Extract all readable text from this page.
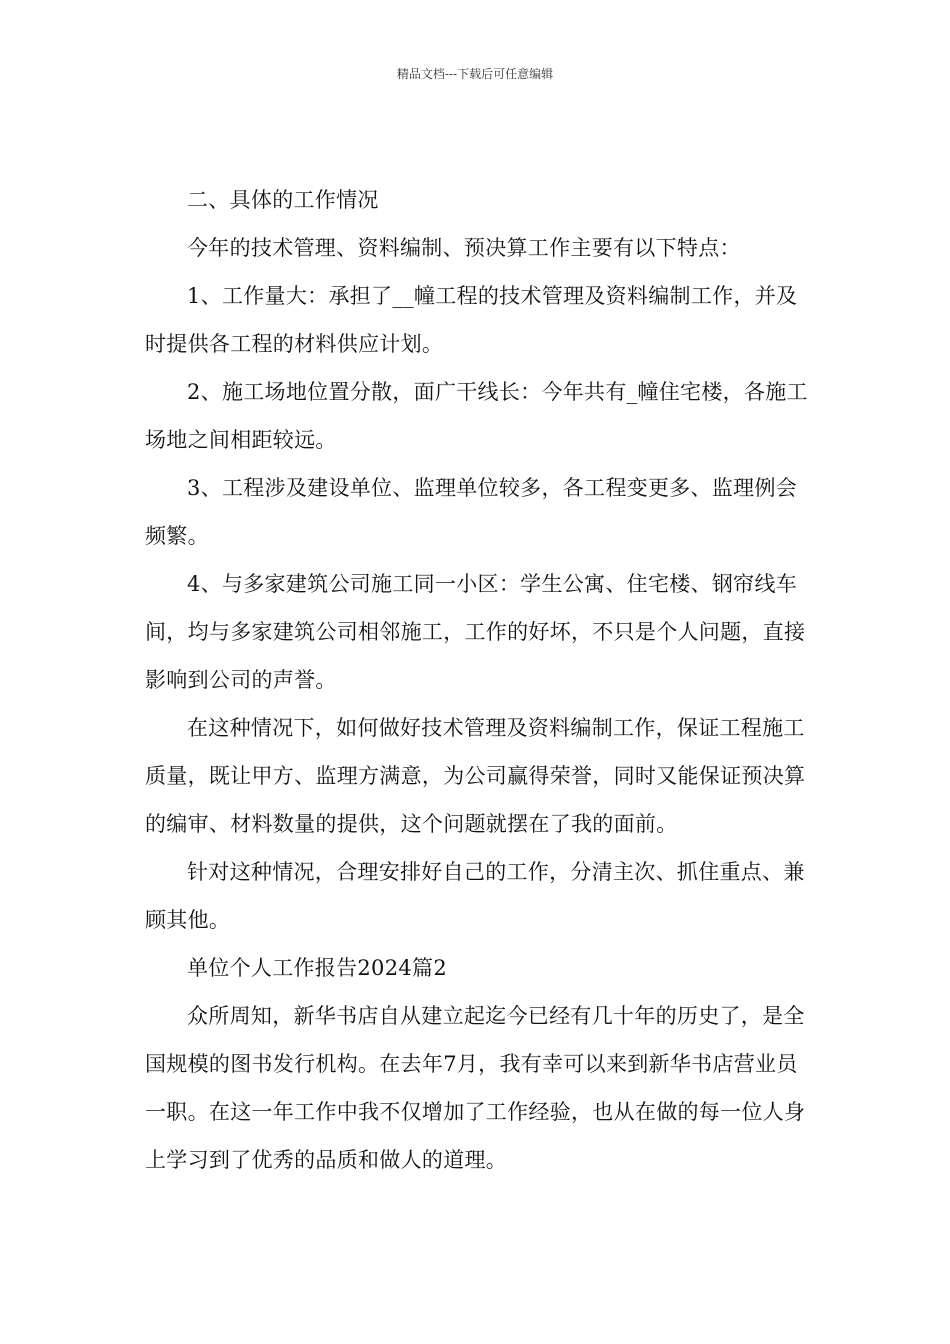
精品文档---下载后可任意编辑

二、具体的工作情况

今年的技术管理、资料编制、预决算工作主要有以下特点：

1、工作量大：承担了__幢工程的技术管理及资料编制工作，并及时提供各工程的材料供应计划。

2、施工场地位置分散，面广干线长：今年共有_幢住宅楼，各施工场地之间相距较远。

3、工程涉及建设单位、监理单位较多，各工程变更多、监理例会频繁。

4、与多家建筑公司施工同一小区：学生公寓、住宅楼、钢帘线车间，均与多家建筑公司相邻施工，工作的好坏，不只是个人问题，直接影响到公司的声誉。

在这种情况下，如何做好技术管理及资料编制工作，保证工程施工质量，既让甲方、监理方满意，为公司赢得荣誉，同时又能保证预决算的编审、材料数量的提供，这个问题就摆在了我的面前。

针对这种情况，合理安排好自己的工作，分清主次、抓住重点、兼顾其他。

单位个人工作报告2024篇2

众所周知，新华书店自从建立起迄今已经有几十年的历史了，是全国规模的图书发行机构。在去年7月，我有幸可以来到新华书店营业员一职。在这一年工作中我不仅增加了工作经验，也从在做的每一位人身上学习到了优秀的品质和做人的道理。
